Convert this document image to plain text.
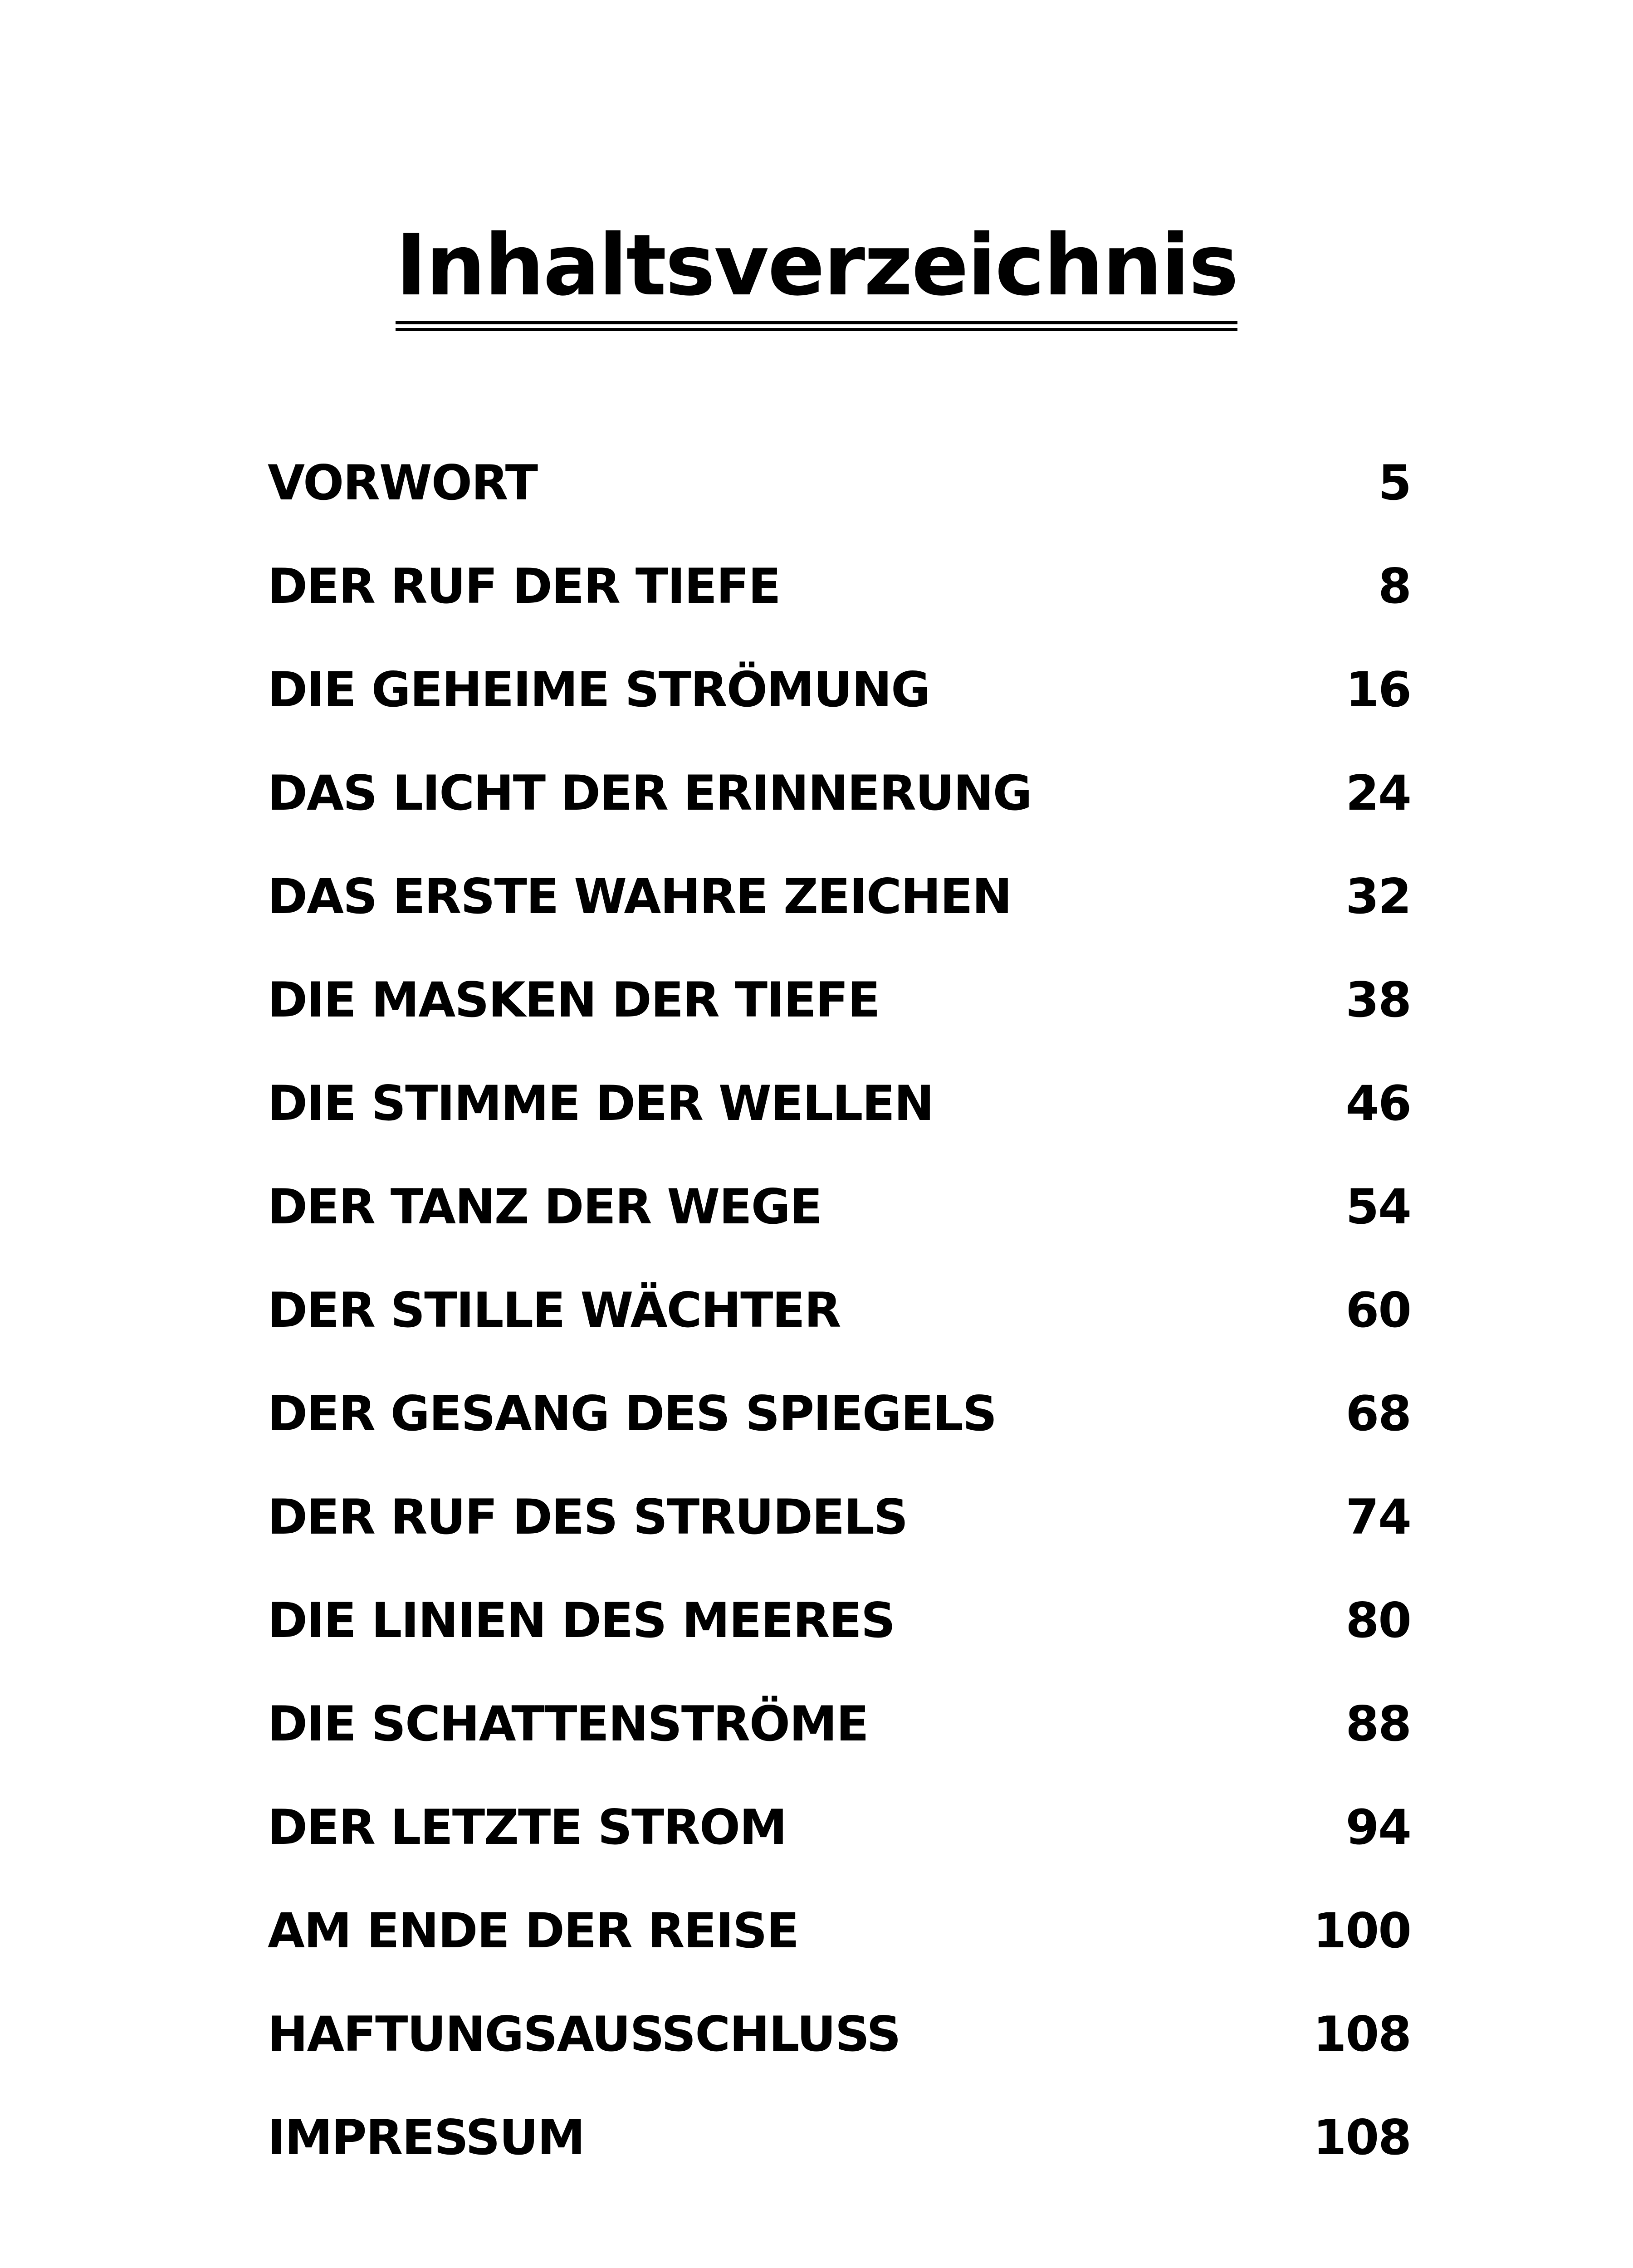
Inhaltsverzeichnis
VORWORT	5
DER RUF DER TIEFE	8
DIE GEHEIME STRÖMUNG	16
DAS LICHT DER ERINNERUNG	24
DAS ERSTE WAHRE ZEICHEN	32
DIE MASKEN DER TIEFE	38
DIE STIMME DER WELLEN	46
DER TANZ DER WEGE	54
DER STILLE WÄCHTER	60
DER GESANG DES SPIEGELS	68
DER RUF DES STRUDELS	74
DIE LINIEN DES MEERES	80
DIE SCHATTENSTRÖME	88
DER LETZTE STROM	94
AM ENDE DER REISE	100
HAFTUNGSAUSSCHLUSS	108
IMPRESSUM	108
